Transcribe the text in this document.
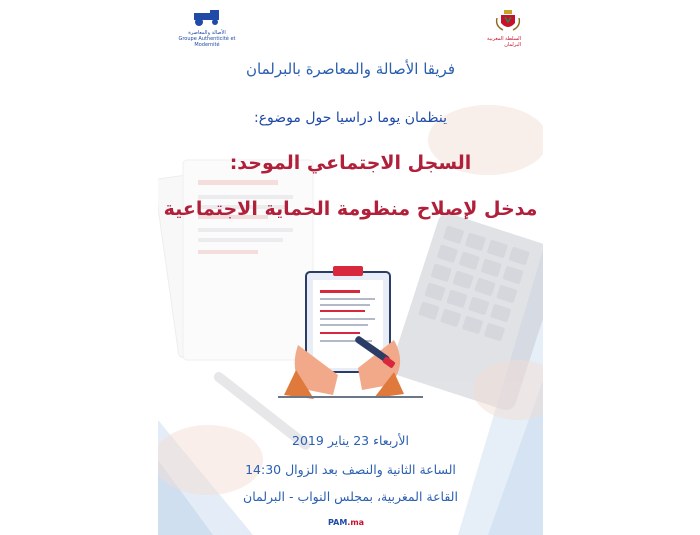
الأصالة والمعاصرة
Groupe Authenticité et Modernité
السلطة المغربية
البرلمان
فريقا الأصالة والمعاصرة بالبرلمان
ينظمان يوما دراسيا حول موضوع:
السجل الاجتماعي الموحد:
مدخل لإصلاح منظومة الحماية الاجتماعية
الأربعاء 23 يناير 2019
الساعة الثانية والنصف بعد الزوال 14:30
القاعة المغربية، بمجلس النواب - البرلمان
PAM.ma
